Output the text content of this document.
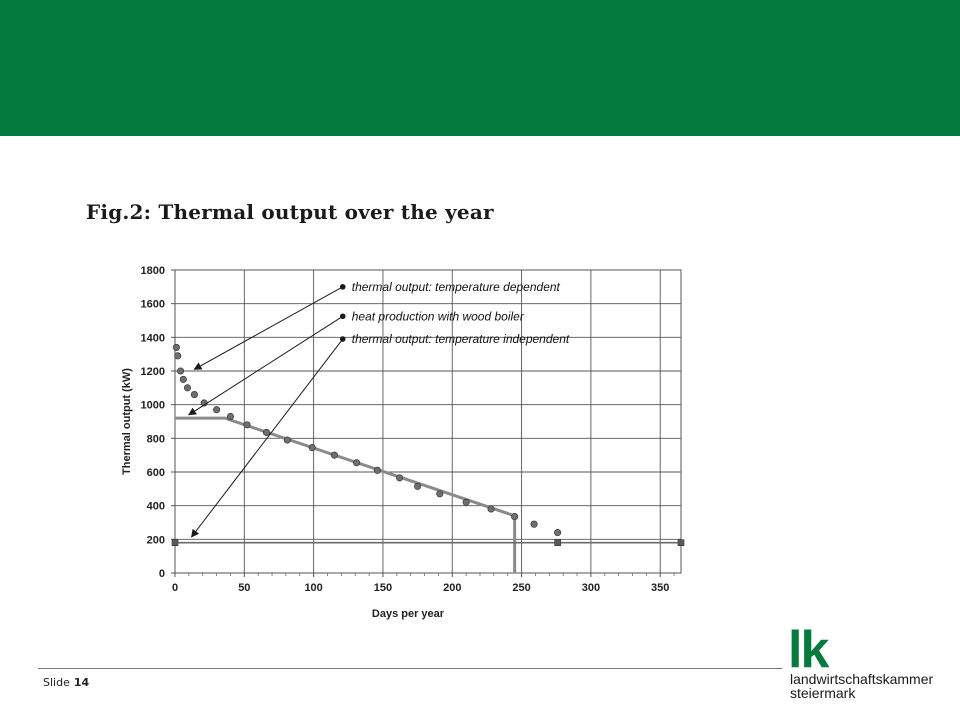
Fig.2: Thermal output over the year
0	50	100	150	200	250	300	350
0
200
400
600
800
1000
1200
1400
1600
1800
Days per year
Thermal output (kW)
thermal output: temperature dependent
heat production with wood boiler
thermal output: temperature independent
Slide 14
lk
landwirtschaftskammer
steiermark
